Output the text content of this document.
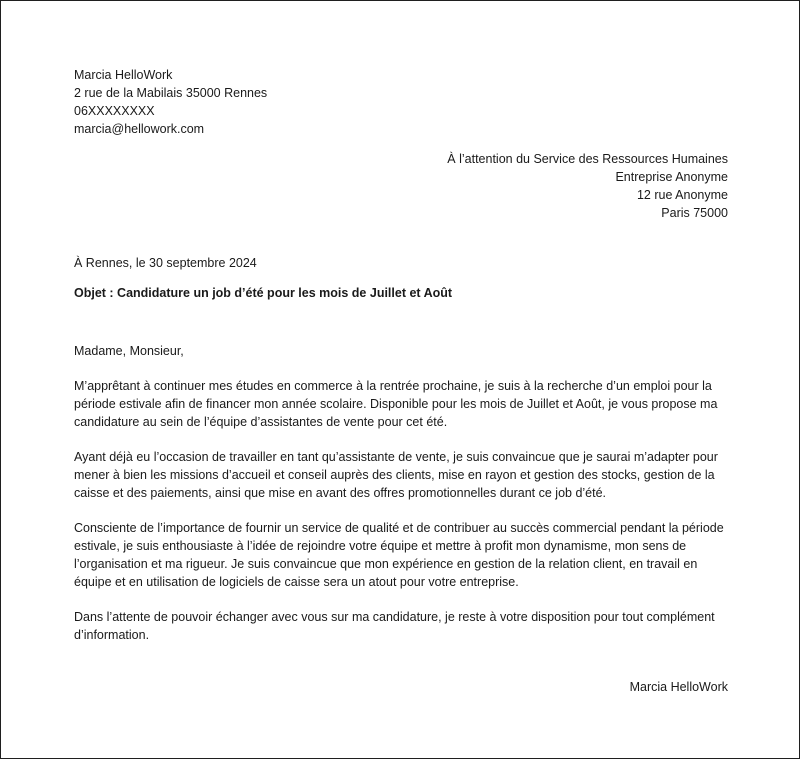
Marcia HelloWork
2 rue de la Mabilais 35000 Rennes
06XXXXXXXX
marcia@hellowork.com
À l’attention du Service des Ressources Humaines
Entreprise Anonyme
12 rue Anonyme
Paris 75000
À Rennes, le 30 septembre 2024
Objet : Candidature un job d’été pour les mois de Juillet et Août

Madame, Monsieur,

M’apprêtant à continuer mes études en commerce à la rentrée prochaine, je suis à la recherche d’un emploi pour la période estivale afin de financer mon année scolaire. Disponible pour les mois de Juillet et Août, je vous propose ma candidature au sein de l’équipe d’assistantes de vente pour cet été.

Ayant déjà eu l’occasion de travailler en tant qu’assistante de vente, je suis convaincue que je saurai m’adapter pour mener à bien les missions d’accueil et conseil auprès des clients, mise en rayon et gestion des stocks, gestion de la caisse et des paiements, ainsi que mise en avant des offres promotionnelles durant ce job d’été.

Consciente de l’importance de fournir un service de qualité et de contribuer au succès commercial pendant la période estivale, je suis enthousiaste à l’idée de rejoindre votre équipe et mettre à profit mon dynamisme, mon sens de l’organisation et ma rigueur. Je suis convaincue que mon expérience en gestion de la relation client, en travail en équipe et en utilisation de logiciels de caisse sera un atout pour votre entreprise.

Dans l’attente de pouvoir échanger avec vous sur ma candidature, je reste à votre disposition pour tout complément d’information.

Marcia HelloWork
